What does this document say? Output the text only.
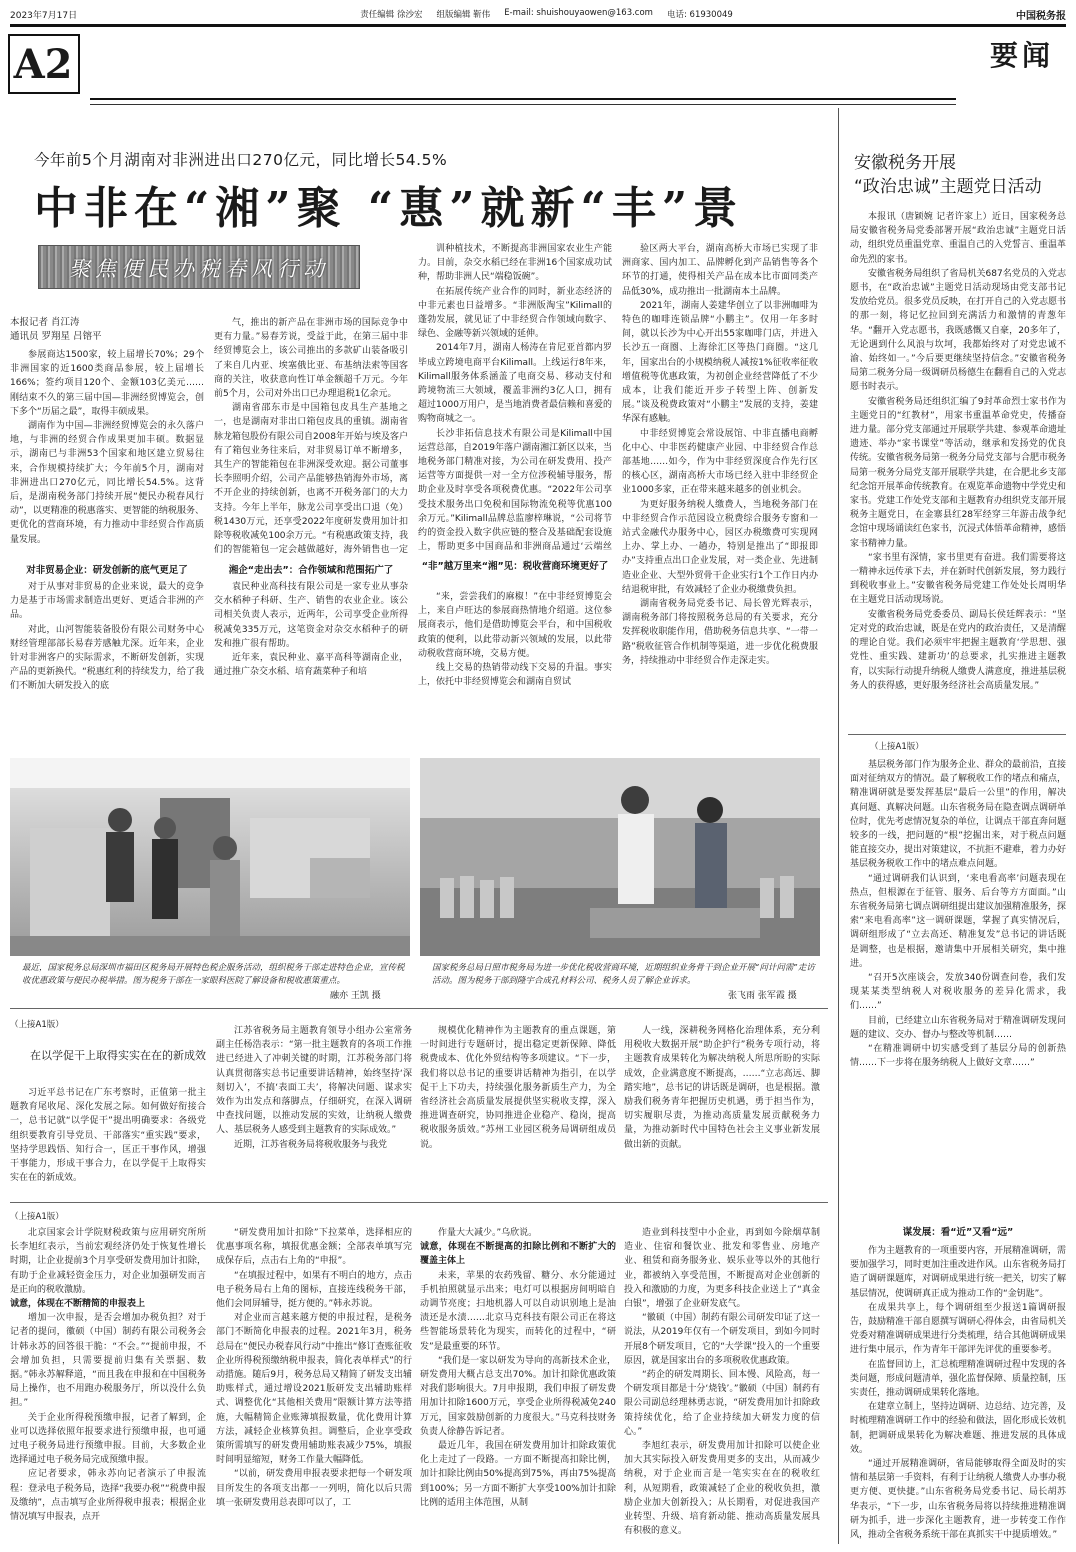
2023年7月17日	责任编辑 徐沙宏 组版编辑 靳伟 E-mail: shuishouyaowen@163.com 电话: 61930049	中国税务报
A2	要闻
今年前5个月湖南对非洲进出口270亿元，同比增长54.5%
中非在“湘”聚 “惠”就新“丰”景
聚焦便民办税春风行动
本报记者 肖江涛
通讯员 罗翔星 吕镕平

参展商达1500家，较上届增长70%；29个非洲国家的近1600类商品参展，较上届增长166%；签约项目120个、金额103亿美元……刚结束不久的第三届中国—非洲经贸博览会，创下多个“历届之最”，取得丰硕成果。

湖南作为中国—非洲经贸博览会的永久落户地，与非洲的经贸合作成果更加丰硕。数据显示，湖南已与非洲53个国家和地区建立贸易往来，合作规模持续扩大；今年前5个月，湖南对非洲进出口270亿元，同比增长54.5%。这背后，是湖南税务部门持续开展“便民办税春风行动”，以更精准的税惠落实、更智能的纳税服务、更优化的营商环境，有力推动中非经贸合作高质量发展。

对非贸易企业：研发创新的底气更足了

对于从事对非贸易的企业来说，最大的竞争力是基于市场需求制造出更好、更适合非洲的产品。

对此，山河智能装备股份有限公司财务中心财经管理部部长易春芳感触尤深。近年来，企业针对非洲客户的实际需求，不断研发创新，实现产品的更新换代。“税惠红利的持续发力，给了我们不断加大研发投入的底

气，推出的新产品在非洲市场的国际竞争中更有力量。”易春芳说，受益于此，在第三届中非经贸博览会上，该公司推出的多款矿山装备吸引了来自几内亚、埃塞俄比亚、布基纳法索等国客商的关注，收获意向性订单金额超千万元。今年前5个月，公司对外出口已办理退税1亿余元。

湖南省邵东市是中国箱包皮具生产基地之一，也是湖南对非出口箱包皮具的重镇。湖南省脉龙箱包股份有限公司自2008年开始与埃及客户有了箱包业务往来后，对非贸易订单不断增多，其生产的智能箱包在非洲深受欢迎。据公司董事长李照明介绍，公司产品能够热销海外市场，离不开企业的持续创新，也离不开税务部门的大力支持。今年上半年，脉龙公司享受出口退（免）税1430万元，还享受2022年度研发费用加计扣除等税收减免100余万元。“有税惠政策支持，我们的智能箱包一定会越做越好，海外销售也一定

湘企“走出去”：合作领域和范围拓广了

袁民种业高科技有限公司是一家专业从事杂交水稻种子科研、生产、销售的农业企业。该公司相关负责人表示，近两年，公司享受企业所得税减免335万元，这笔资金对杂交水稻种子的研发和推广很有帮助。

近年来，袁民种业、嘉平高科等湖南企业，通过推广杂交水稻、培育蔬菜种子和培

训种植技术，不断提高非洲国家农业生产能力。目前，杂交水稻已经在非洲16个国家成功试种，帮助非洲人民“端稳饭碗”。

在拓展传统产业合作的同时，新业态经济的中非元素也日益增多。“非洲版淘宝”Kilimall的蓬勃发展，就见证了中非经贸合作领域向数字、绿色、金融等新兴领域的延伸。

2014年7月，湖南人杨涛在肯尼亚首都内罗毕成立跨境电商平台Kilimall。上线运行8年来，Kilimall服务体系涵盖了电商交易、移动支付和跨境物流三大领域，覆盖非洲约3亿人口，拥有超过1000万用户，是当地消费者最信赖和喜爱的购物商城之一。

长沙非拓信息技术有限公司是Kilimall中国运营总部，自2019年落户湖南湘江新区以来，当地税务部门精准对接，为公司在研发费用、投产运营等方面提供一对一全方位涉税辅导服务，帮助企业及时享受各项税费优惠。“2022年公司享受技术服务出口免税和国际物流免税等优惠100余万元。”Kilimall品牌总监廖梓琳说，“公司将节约的资金投入数字供应链的整合及基础配套设施上，帮助更多中国商品和非洲商品通过‘云端丝

“非”越万里来“湘”见：税收营商环境更好了

“来，尝尝我们的麻椒！”在中非经贸博览会上，来自卢旺达的参展商热情地介绍道。这位参展商表示，他们是借助博览会平台，和中国税收政策的便利，以此带动新兴领域的发展，以此带动税收营商环境，交易方便。

线上交易的热销带动线下交易的升温。事实上，依托中非经贸博览会和湖南自贸试

验区两大平台，湖南高桥大市场已实现了非洲商家、国内加工、品牌孵化到产品销售等各个环节的打通，使得相关产品在成本比市面同类产品低30%，成功推出一批湖南本土品牌。

2021年，湖南人姜建华创立了以非洲咖啡为特色的咖啡连锁品牌“小鹏主”。仅用一年多时间，就以长沙为中心开出55家咖啡门店，并进入长沙五一商圈、上海徐汇区等热门商圈。“这几年，国家出台的小规模纳税人减按1%征收率征收增值税等优惠政策，为初创企业经营降低了不少成本，让我们能近开步子转型上阵、创新发展。”谈及税费政策对“小鹏主”发展的支持，姜建华深有感触。

中非经贸博览会常设展馆、中非直播电商孵化中心、中非医药健康产业园、中非经贸合作总部基地……如今，作为中非经贸深度合作先行区的核心区，湖南高桥大市场已经入驻中非经贸企业1000多家，正在带来越来越多的创业机会。

为更好服务纳税人缴费人，当地税务部门在中非经贸合作示范园设立税费综合服务专窗和一站式金融代办服务中心，园区办税缴费可实现网上办、掌上办、一趟办，特别是推出了“即报即办”支持重点出口企业发展，对一类企业、先进制造业企业、大型外贸骨干企业实行1个工作日内办结退税审批，有效减轻了企业办税缴费负担。

湖南省税务局党委书记、局长曾光辉表示，湖南税务部门将按照税务总局的有关要求，充分发挥税收职能作用，借助税务信息共享、“一带一路”税收征管合作机制等渠道，进一步优化税费服务，持续推动中非经贸合作走深走实。

最近，国家税务总局深圳市福田区税务局开展特色税企服务活动，组织税务干部走进特色企业，宣传税收优惠政策与便民办税举措。图为税务干部在一家眼科医院了解设备和税收惠策重点。
融亦 王凯 摄
国家税务总局日照市税务局为进一步优化税收营商环境，近期组织业务骨干到企业开展“问计问需”走访活动。图为税务干部到隆宇合成孔材料公司、税务人员了解企业诉求。
张飞雨 张军霞 摄
（上接A1版）
在以学促干上取得实实在在的新成效

习近平总书记在广东考察时，正值第一批主题教育尾收尾、深化发展之际。如何做好衔接合一，总书记就“以学促干”提出明确要求：各级党组织要教育引导党员、干部落实“重实践”要求，坚持学思践悟、知行合一，匡正干事作风，增强干事能力，形成干事合力，在以学促干上取得实实在在的新成效。

江苏省税务局主题教育领导小组办公室常务副主任杨浩表示：“第一批主题教育的各项工作推进已经进入了冲刺关键的时期，江苏税务部门将认真贯彻落实总书记重要讲话精神，始终坚持‘深刻切入’，不搞‘表面工夫’，将解决问题、谋求实效作为出发点和落脚点，仔细研究，在深入调研中查找问题，以推动发展的实效，让纳税人缴费人、基层税务人感受到主题教育的实际成效。”

近期，江苏省税务局将税收服务与我党

规模优化精神作为主题教育的重点课题，第一时间进行专题研讨，提出稳定更新保障、降低税费成本、优化外贸结构等多项建议。“下一步，我们将以总书记的重要讲话精神为指引，在以学促干上下功夫，持续强化服务新质生产力，为全省经济社会高质量发展提供坚实税收支撑，深入推进调查研究，协同推进企业稳产、稳岗，提高税收服务质效。”苏州工业园区税务局调研组成员说。

人一线，深耕税务网格化治理体系，充分利用税收大数据开展“助企护行”税务专项行动，将主题教育成果转化为解决纳税人所思所盼的实际成效，企业满意度不断提高，……“立志高远、脚踏实地”，总书记的讲话既是调研，也是根据。激励我们税务青年把握历史机遇，勇于担当作为，切实履职尽责，为推动高质量发展贡献税务力量，为推动新时代中国特色社会主义事业新发展做出新的贡献。

（上接A1版）

北京国家会计学院财税政策与应用研究所所长李旭红表示，当前宏观经济仍处于恢复性增长时期，让企业提前3个月享受研发费用加计扣除，有助于企业减轻资金压力，对企业加强研发而言是正向的税收激励。

诚意，体现在不断精简的申报表上

增加一次申报，是否会增加办税负担？对于记者的提问，徽硕（中国）制药有限公司税务会计韩永苏的回答很干脆：“不会。”“提前申报，不会增加负担，只需要提前归集有关票据、数据。”韩永苏解释道，“而且我在申报和在中国税务局上操作，也不用跑办税服务厅，所以没什么负担。”

关于企业所得税预缴申报，记者了解到，企业可以选择依照年报要求进行预缴申报，也可通过电子税务局进行预缴申报。目前，大多数企业选择通过电子税务局完成预缴申报。

应记者要求，韩永苏向记者演示了申报流程：登录电子税务局，选择“我要办税”“税费申报及缴纳”，点击填写企业所得税申报表；根据企业情况填写申报表，点开

“研发费用加计扣除”下拉菜单，选择相应的优惠事项名称，填报优惠金额；全部表单填写完成保存后，点击右上角的“申报”。

“在填报过程中，如果有不明白的地方，点击电子税务局右上角的图标，直接连线税务干部，他们会同屏辅导，挺方便的。”韩永苏说。

对企业而言越来越方便的申报过程，是税务部门不断简化申报表的过程。2021年3月，税务总局在“便民办税春风行动”中推出“修订查账征收企业所得税预缴纳税申报表，简化表单样式”的行动措施。随后9月，税务总局又精简了研发支出辅助账样式，通过增设2021版研发支出辅助账样式、调整优化“其他相关费用”限额计算方法等措施，大幅精简企业账簿填报数量，优化费用计算方法，减轻企业核算负担。调整后，企业享受政策所需填写的研发费用辅助账表减少75%，填报时间明显缩短，财务工作量大幅降低。

“以前，研发费用申报表要求把每一个研发项目所发生的各项支出都一一列明，简化以后只需填一张研发费用总表即可以了，工

作量大大减少。”乌欣说。

诚意，体现在不断提高的扣除比例和不断扩大的覆盖主体上

未来，苹果的农药残留、糖分、水分能通过手机拍照就显示出来；电灯可以根据房间明暗自动调节亮度；扫地机器人可以自动识别地上是油渍还是水渍……北京马克科技有限公司正在将这些智能场景转化为现实，而转化的过程中，“研发”是最重要的环节。

“我们是一家以研发为导向的高新技术企业，研发费用大概占总支出70%。加计扣除优惠政策对我们影响很大。7月申报期，我们申报了研发费用加计扣除1600万元，享受企业所得税减免240万元，国家鼓励创新的力度很大。”马克科技财务负责人徐静告诉记者。

最近几年，我国在研发费用加计扣除政策优化上走过了一段路。一方面不断提高扣除比例，加计扣除比例由50%提高到75%，再由75%提高到100%；另一方面不断扩大享受100%加计扣除比例的适用主体范围，从制

造业到科技型中小企业，再到如今除烟草制造业、住宿和餐饮业、批发和零售业、房地产业、租赁和商务服务业、娱乐业等以外的其他行业，都被纳入享受范围，不断提高对企业创新的投入和激励的力度，为更多科技企业送上了“真金白银”，增强了企业研发底气。

“徽硕（中国）制药有限公司研发印证了这一说法，从2019年仅有一个研发项目，到如今同时开展8个研发项目，它的“大学课”投入的一个重要原因，就是国家出台的多项税收优惠政策。

“药企的研发周期长、回本慢、风险高，每一个研发项目都是十分‘烧钱’。”徽硕（中国）制药有限公司副总经理林勇志说，“研发费用加计扣除政策持续优化，给了企业持续加大研发力度的信心。”

李旭红表示，研发费用加计扣除可以使企业加大其实际投入研发费用更多的支出，从而减少纳税，对于企业而言是一笔实实在在的税收红利，从短期看，政策减轻了企业的税收负担，激励企业加大创新投入；从长期看，对促进我国产业转型、升级、培育新动能、推动高质量发展具有积极的意义。

安徽税务开展
“政治忠诚”主题党日活动

本报讯（唐颖婉 记者许家上）近日，国家税务总局安徽省税务局党委部署开展“政治忠诚”主题党日活动，组织党员重温党章、重温自己的入党誓言、重温革命先烈的家书。

安徽省税务局组织了省局机关687名党员的入党志愿书，在“政治忠诚”主题党日活动现场由党支部书记发放给党员。很多党员反映，在打开自己的入党志愿书的那一刻，将记忆拉回到充满活力和激情的青葱年华。“翻开入党志愿书，我既感慨又自豪，20多年了，无论遇到什么风浪与坎坷，我都始终对了对党忠诚不渝、始终如一。”今后要更继续坚持信念。”安徽省税务局第二税务分局一级调研员杨德生在翻看自己的入党志愿书时表示。

安徽省税务局还组织汇编了9封革命烈士家书作为主题党日的“红教材”，用家书重温革命党史，传播奋进力量。部分党支部通过开展联学共建、参观革命遗址遗迹、举办“家书课堂”等活动，继承和发扬党的优良传统。安徽省税务局第一税务分局党支部与合肥市税务局第一税务分局党支部开展联学共建，在合肥北乡支部纪念馆开展革命传统教育。在观览革命遗物中学党史和家书。党建工作处党支部和主题教育办组织党支部开展税务主题党日，在金寨县红28军经穿三年游击战争纪念馆中现场诵读红色家书，沉浸式体悟革命精神，感悟家书精神力量。

“家书里有深情，家书里更有奋进。我们需要将这一精神永远传承下去，并在新时代创新发展，努力践行到税收事业上。”安徽省税务局党建工作处处长周明华在主题党日活动现场说。

安徽省税务局党委委员、副局长侯廷辉表示：“坚定对党的政治忠诚，既是在党内的政治责任，又是清醒的理论自觉。我们必须牢牢把握主题教育‘学思想、强党性、重实践、建新功’的总要求，扎实推进主题教育，以实际行动提升纳税人缴费人满意度，推进基层税务人的获得感，更好服务经济社会高质量发展。”

（上接A1版）

基层税务部门作为服务企业、群众的最前沿，直接面对征纳双方的情况。最了解税收工作的堵点和痛点，精准调研就是要发挥基层“最后一公里”的作用，解决真问题、真解决问题。山东省税务局在隐查调点调研单位时，优先考虑情况复杂的单位，让调点干部直奔问题较多的一线，把问题的“根”挖掘出来，对于税点问题能直接交办，提出对策建议，不抗拒不避难，着力办好基层税务税收工作中的堵点难点问题。

“通过调研我们认识到，‘来电看高率’问题表现在热点，但根源在于征管、服务、后台等方方面面。”山东省税务局第七调点调研组提出建议加强精准服务，探索“来电看高率”这一调研课题，掌握了真实情况后，调研组形成了“立去高还、精准复发”总书记的讲话既是调整，也是根据，邀请集中开展相关研究，集中推进。

“召开5次座谈会，发放340份调查问卷，我们发现某某类型纳税人对税收服务的差异化需求，我们……”

目前，已经建立山东省税务局对于精准调研发现问题的建议、交办、督办与整改等机制……

“在精准调研中切实感受到了基层分局的创新热情……下一步将在服务纳税人上做好文章……”

谋发展：看“近”又看“远”

作为主题教育的一项重要内容，开展精准调研，需要加强学习，同时更加注重改进作风。山东省税务局打造了调研课题库，对调研成果进行统一把关，切实了解基层情况，使调研真正成为推动工作的“金钥匙”。

在成果共享上，每个调研组至少报送1篇调研报告，鼓励精准干部自愿撰写调研心得体会，由省局机关党委对精准调研成果进行分类梳理，结合其他调研成果进行集中展示，作为青年干部评先评优的重要参考。

在监督回访上，汇总梳理精准调研过程中发现的各类问题，形成问题清单，强化监督保障、质量控制，压实责任，推动调研成果转化落地。

在建章立制上，坚持边调研、边总结、边完善，及时梳理精准调研工作中的经验和做法，固化形成长效机制，把调研成果转化为解决难题、推进发展的具体成效。

“通过开展精准调研，省局能够取得全面及时的实情和基层第一手资料，有利于让纳税人缴费人办事办税更方便、更快捷。”山东省税务局党委书记、局长胡苏华表示，“下一步，山东省税务局将以持续推进精准调研为抓手，进一步深化主题教育，进一步转变工作作风，推动全省税务系统干部在真抓实干中提质增效。”
